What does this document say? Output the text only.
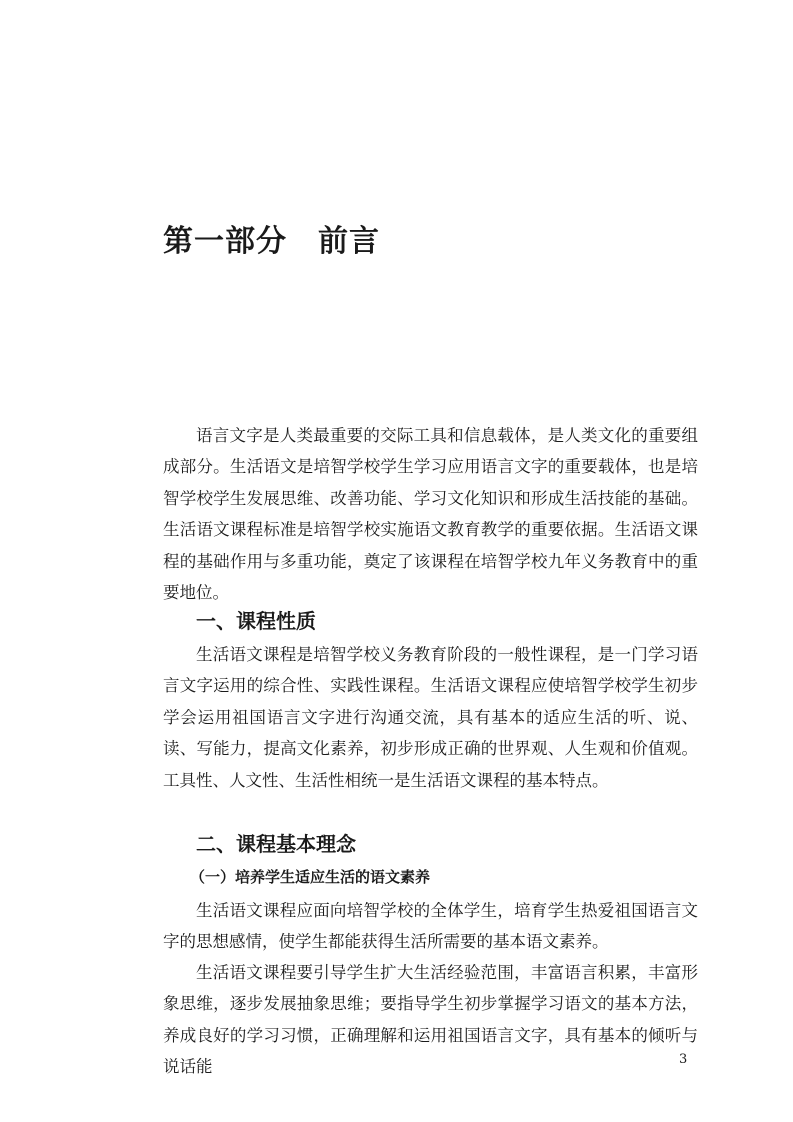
第一部分　前言

语言文字是人类最重要的交际工具和信息载体，是人类文化的重要组成部分。生活语文是培智学校学生学习应用语言文字的重要载体，也是培智学校学生发展思维、改善功能、学习文化知识和形成生活技能的基础。生活语文课程标准是培智学校实施语文教育教学的重要依据。生活语文课程的基础作用与多重功能，奠定了该课程在培智学校九年义务教育中的重要地位。

一、课程性质

生活语文课程是培智学校义务教育阶段的一般性课程，是一门学习语言文字运用的综合性、实践性课程。生活语文课程应使培智学校学生初步学会运用祖国语言文字进行沟通交流，具有基本的适应生活的听、说、读、写能力，提高文化素养，初步形成正确的世界观、人生观和价值观。工具性、人文性、生活性相统一是生活语文课程的基本特点。

二、课程基本理念
（一）培养学生适应生活的语文素养

生活语文课程应面向培智学校的全体学生，培育学生热爱祖国语言文字的思想感情，使学生都能获得生活所需要的基本语文素养。

生活语文课程要引导学生扩大生活经验范围，丰富语言积累，丰富形象思维，逐步发展抽象思维；要指导学生初步掌握学习语文的基本方法，养成良好的学习习惯，正确理解和运用祖国语言文字，具有基本的倾听与说话能	3
